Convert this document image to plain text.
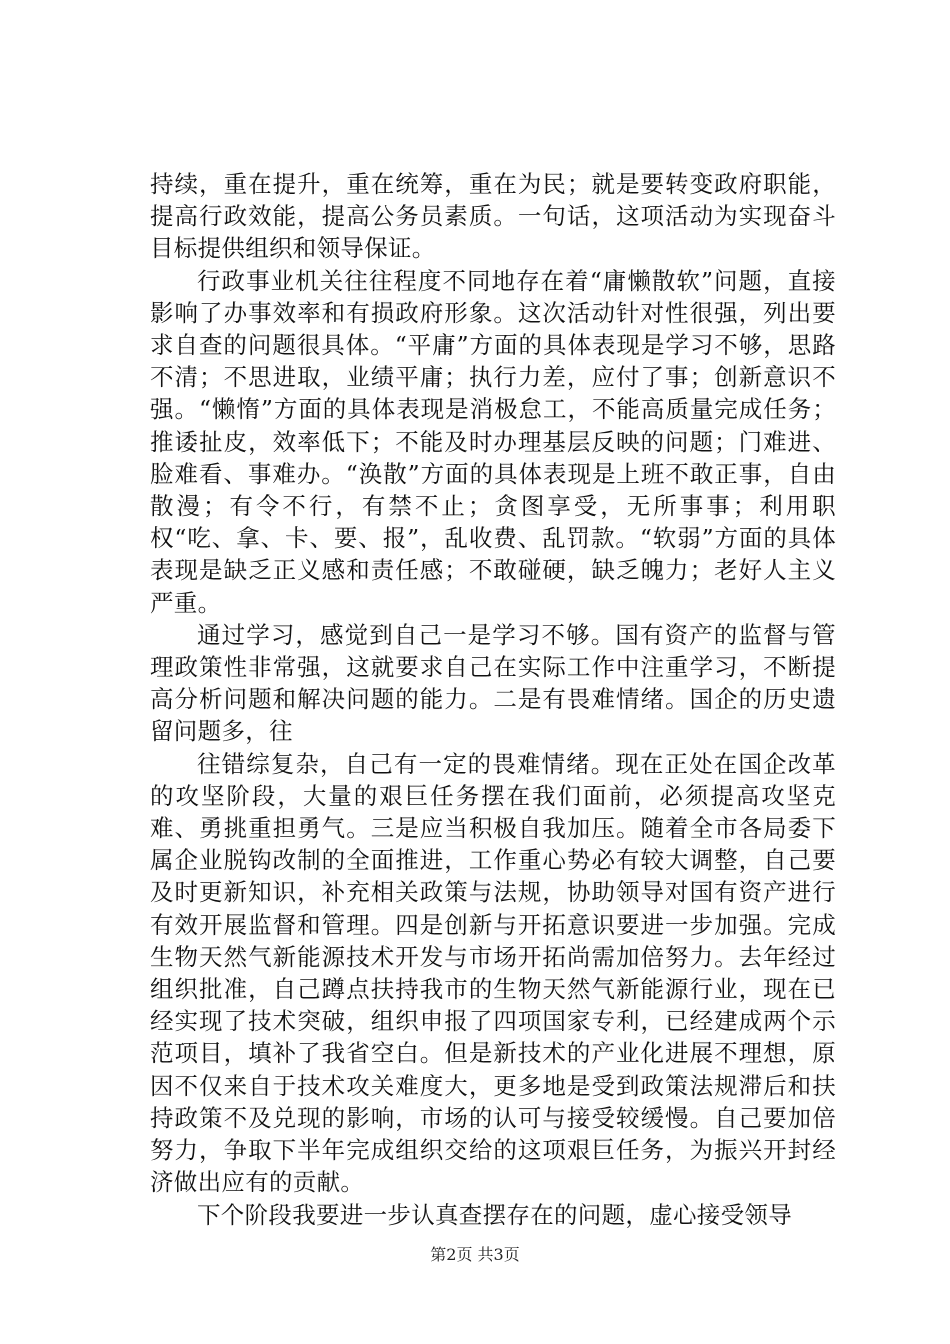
持续，重在提升，重在统筹，重在为民；就是要转变政府职能，提高行政效能，提高公务员素质。一句话，这项活动为实现奋斗目标提供组织和领导保证。

行政事业机关往往程度不同地存在着“庸懒散软”问题，直接影响了办事效率和有损政府形象。这次活动针对性很强，列出要求自查的问题很具体。“平庸”方面的具体表现是学习不够，思路不清；不思进取，业绩平庸；执行力差，应付了事；创新意识不强。“懒惰”方面的具体表现是消极怠工，不能高质量完成任务；推诿扯皮，效率低下；不能及时办理基层反映的问题；门难进、脸难看、事难办。“涣散”方面的具体表现是上班不敢正事，自由散漫；有令不行，有禁不止；贪图享受，无所事事；利用职权“吃、拿、卡、要、报”，乱收费、乱罚款。“软弱”方面的具体表现是缺乏正义感和责任感；不敢碰硬，缺乏魄力；老好人主义严重。

通过学习，感觉到自己一是学习不够。国有资产的监督与管理政策性非常强，这就要求自己在实际工作中注重学习，不断提高分析问题和解决问题的能力。二是有畏难情绪。国企的历史遗留问题多，往

往错综复杂，自己有一定的畏难情绪。现在正处在国企改革的攻坚阶段，大量的艰巨任务摆在我们面前，必须提高攻坚克难、勇挑重担勇气。三是应当积极自我加压。随着全市各局委下属企业脱钩改制的全面推进，工作重心势必有较大调整，自己要及时更新知识，补充相关政策与法规，协助领导对国有资产进行有效开展监督和管理。四是创新与开拓意识要进一步加强。完成生物天然气新能源技术开发与市场开拓尚需加倍努力。去年经过组织批准，自己蹲点扶持我市的生物天然气新能源行业，现在已经实现了技术突破，组织申报了四项国家专利，已经建成两个示范项目，填补了我省空白。但是新技术的产业化进展不理想，原因不仅来自于技术攻关难度大，更多地是受到政策法规滞后和扶持政策不及兑现的影响，市场的认可与接受较缓慢。自己要加倍努力，争取下半年完成组织交给的这项艰巨任务，为振兴开封经济做出应有的贡献。

下个阶段我要进一步认真查摆存在的问题，虚心接受领导

第2页 共3页
